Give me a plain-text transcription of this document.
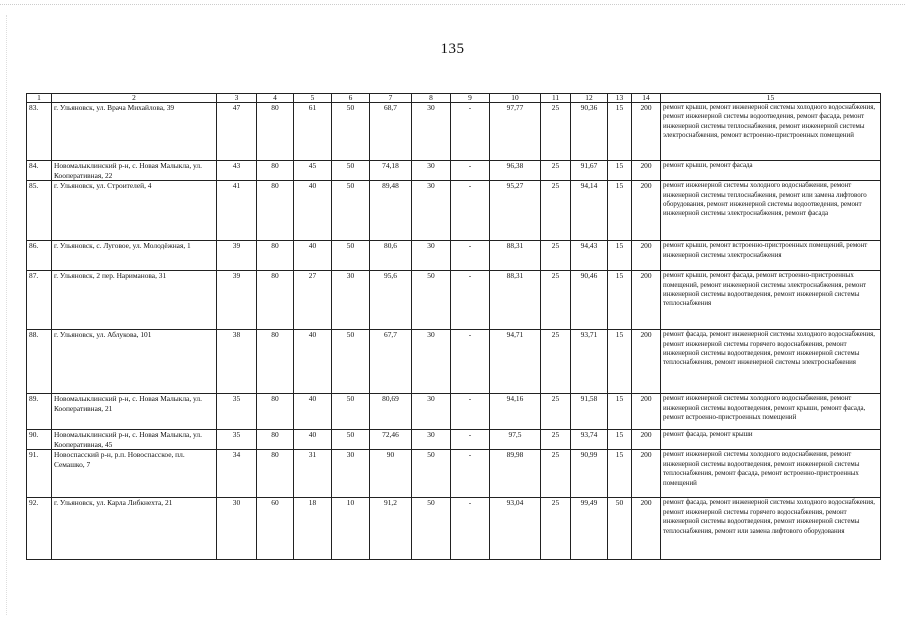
135
1	2	3	4	5	6	7	8	9	10	11	12	13	14	15
83.	г. Ульяновск, ул. Врача Михайлова, 39	47	80	61	50	68,7	30	-	97,77	25	90,36	15	200	ремонт крыши, ремонт инженерной системы холодного водоснабжения, ремонт инженерной системы водоотведения, ремонт фасада, ремонт инженерной системы теплоснабжения, ремонт инженерной системы электроснабжения, ремонт встроенно-пристроенных помещений
84.	Новомалыклинский р-н, с. Новая Малыкла, ул. Кооперативная, 22	43	80	45	50	74,18	30	-	96,38	25	91,67	15	200	ремонт крыши, ремонт фасада
85.	г. Ульяновск, ул. Строителей, 4	41	80	40	50	89,48	30	-	95,27	25	94,14	15	200	ремонт инженерной системы холодного водоснабжения, ремонт инженерной системы теплоснабжения, ремонт или замена лифтового оборудования, ремонт инженерной системы водоотведения, ремонт инженерной системы электроснабжения, ремонт фасада
86.	г. Ульяновск, с. Луговое, ул. Молодёжная, 1	39	80	40	50	80,6	30	-	88,31	25	94,43	15	200	ремонт крыши, ремонт встроенно-пристроенных помещений, ремонт инженерной системы электроснабжения
87.	г. Ульяновск, 2 пер. Нариманова, 31	39	80	27	30	95,6	50	-	88,31	25	90,46	15	200	ремонт крыши, ремонт фасада, ремонт встроенно-пристроенных помещений, ремонт инженерной системы электроснабжения, ремонт инженерной системы водоотведения, ремонт инженерной системы теплоснабжения
88.	г. Ульяновск, ул. Аблукова, 101	38	80	40	50	67,7	30	-	94,71	25	93,71	15	200	ремонт фасада, ремонт инженерной системы холодного водоснабжения, ремонт инженерной системы горячего водоснабжения, ремонт инженерной системы водоотведения, ремонт инженерной системы теплоснабжения, ремонт инженерной системы электроснабжения
89.	Новомалыклинский р-н, с. Новая Малыкла, ул. Кооперативная, 21	35	80	40	50	80,69	30	-	94,16	25	91,58	15	200	ремонт инженерной системы холодного водоснабжения, ремонт инженерной системы водоотведения, ремонт крыши, ремонт фасада, ремонт встроенно-пристроенных помещений
90.	Новомалыклинский р-н, с. Новая Малыкла, ул. Кооперативная, 45	35	80	40	50	72,46	30	-	97,5	25	93,74	15	200	ремонт фасада, ремонт крыши
91.	Новоспасский р-н, р.п. Новоспасское, пл. Семашко, 7	34	80	31	30	90	50	-	89,98	25	90,99	15	200	ремонт инженерной системы холодного водоснабжения, ремонт инженерной системы водоотведения, ремонт инженерной системы теплоснабжения, ремонт фасада, ремонт встроенно-пристроенных помещений
92.	г. Ульяновск, ул. Карла Либкнехта, 21	30	60	18	10	91,2	50	-	93,04	25	99,49	50	200	ремонт фасада, ремонт инженерной системы холодного водоснабжения, ремонт инженерной системы горячего водоснабжения, ремонт инженерной системы водоотведения, ремонт инженерной системы теплоснабжения, ремонт или замена лифтового оборудования
